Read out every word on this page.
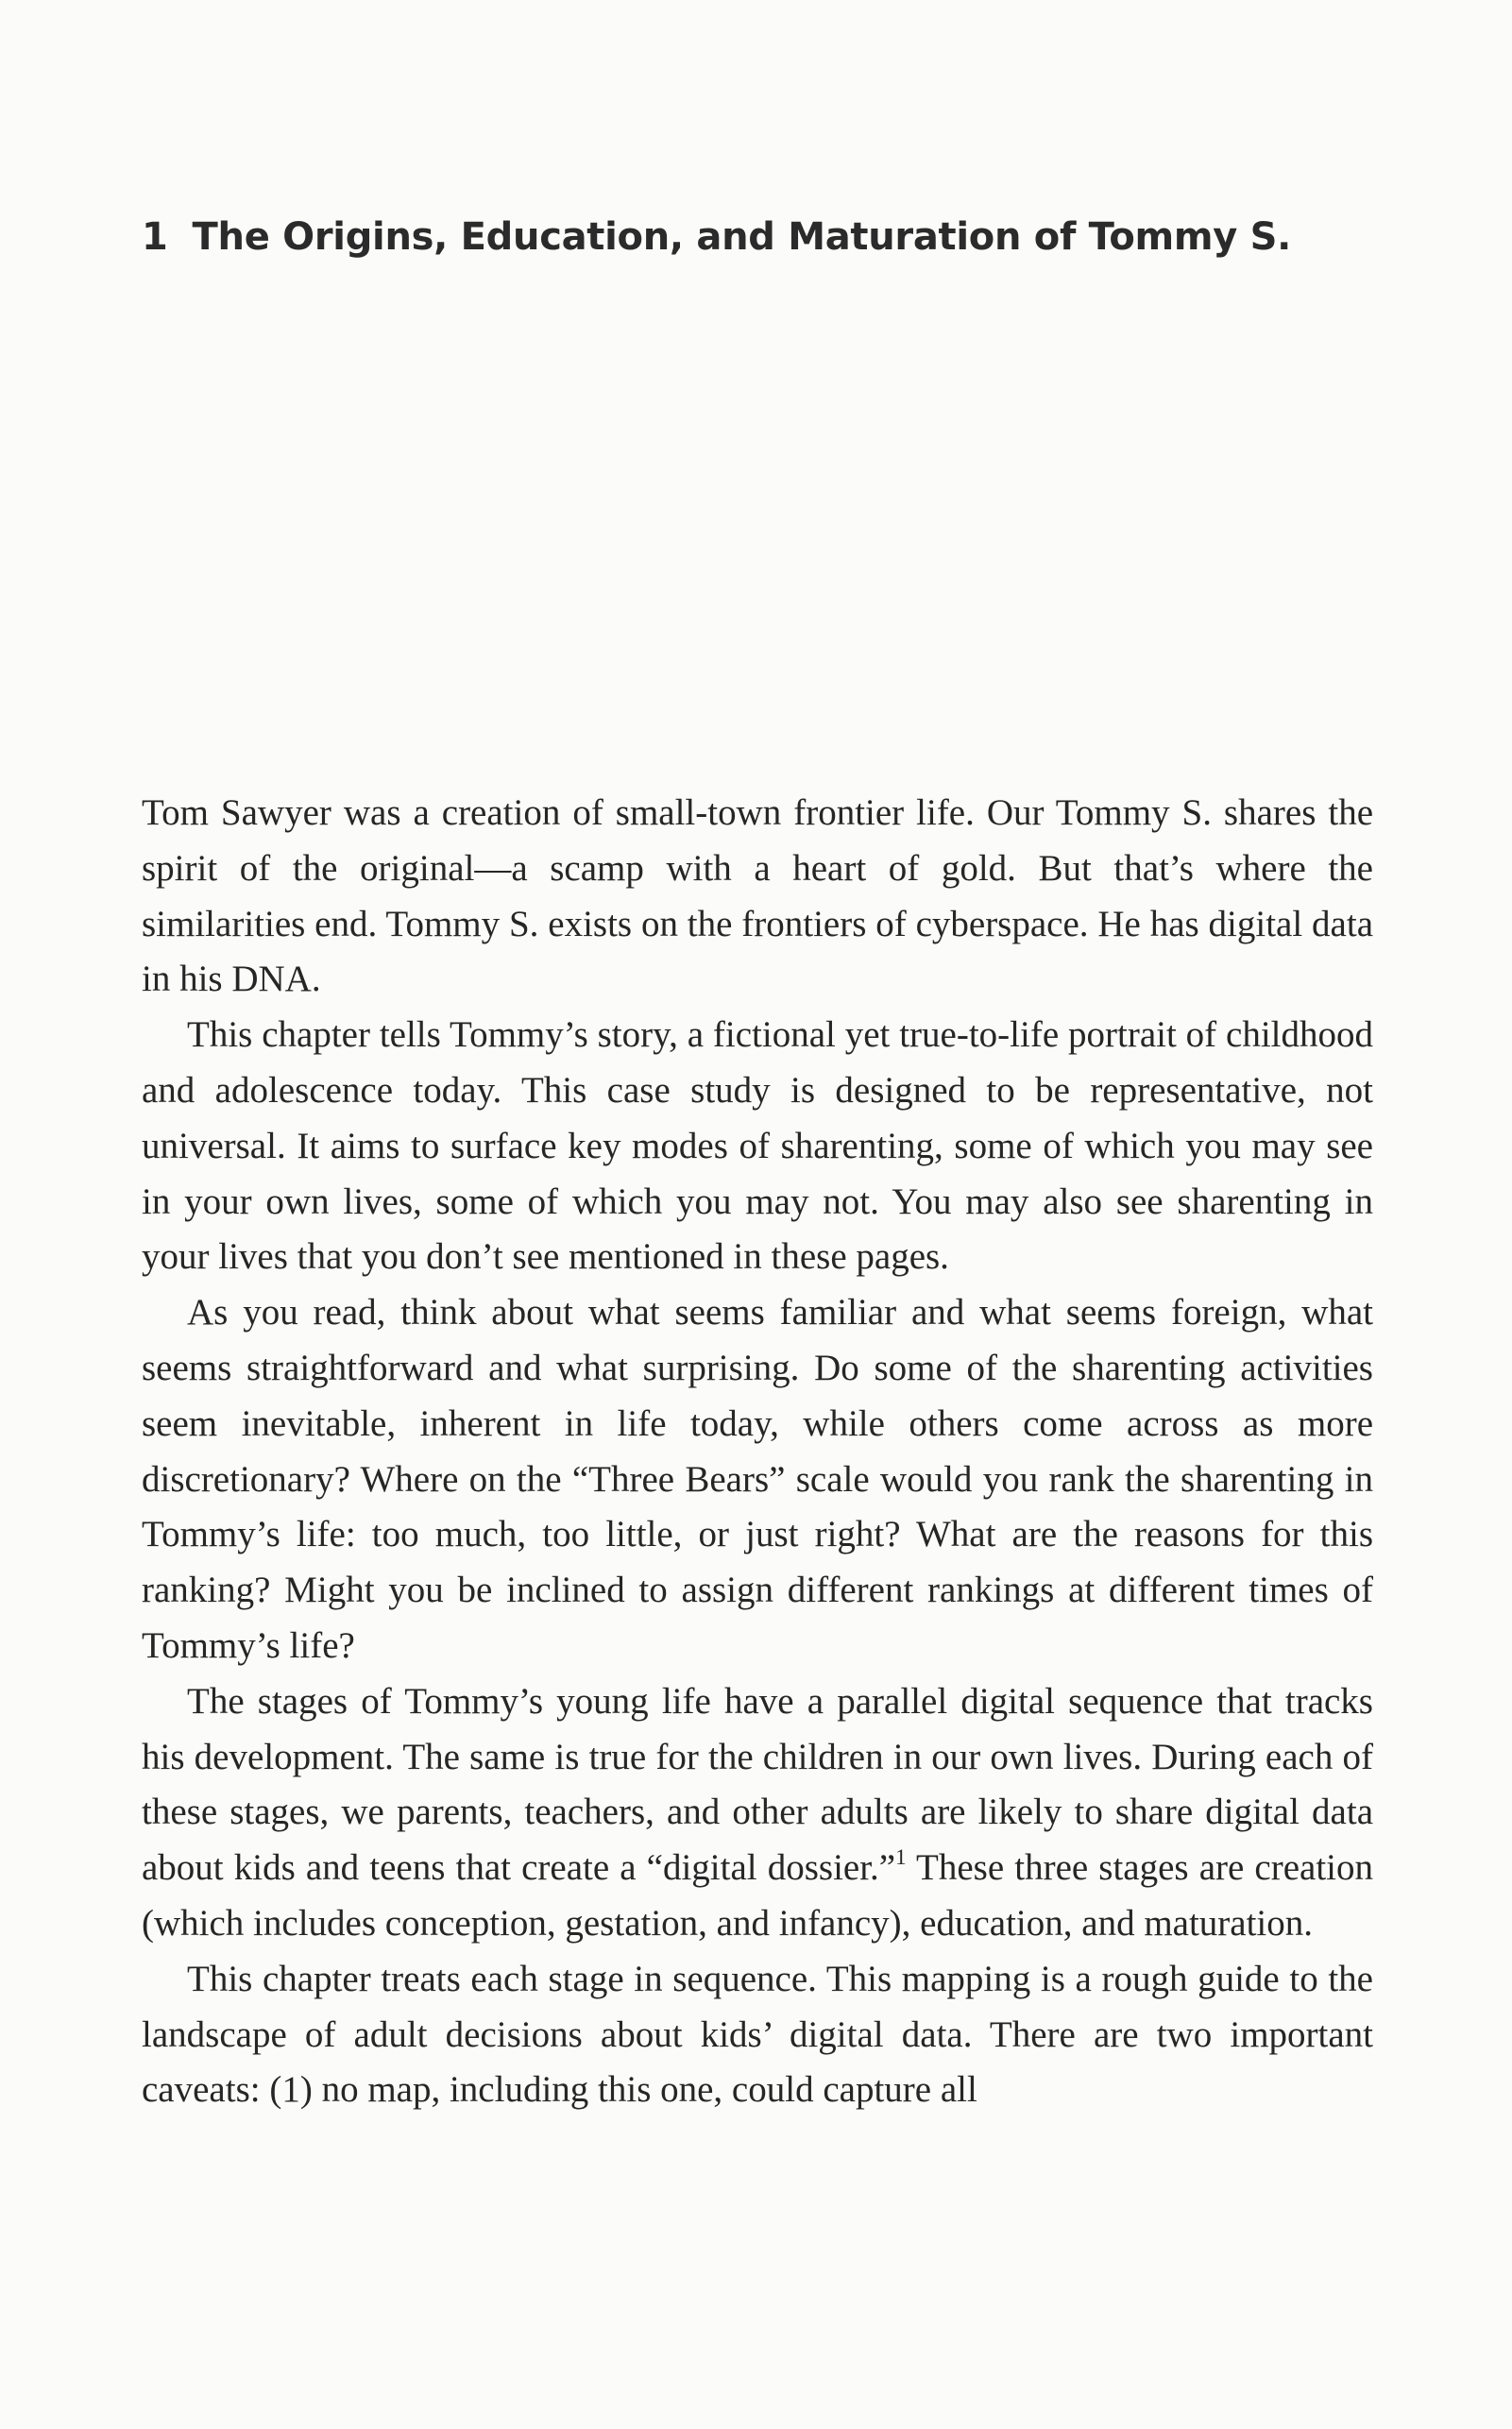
1 The Origins, Education, and Maturation of Tommy S.

Tom Sawyer was a creation of small-town frontier life. Our Tommy S. shares the spirit of the original—a scamp with a heart of gold. But that’s where the similarities end. Tommy S. exists on the frontiers of cyberspace. He has digital data in his DNA.

This chapter tells Tommy’s story, a fictional yet true-to-life portrait of childhood and adolescence today. This case study is designed to be representative, not universal. It aims to surface key modes of sharenting, some of which you may see in your own lives, some of which you may not. You may also see sharenting in your lives that you don’t see mentioned in these pages.

As you read, think about what seems familiar and what seems foreign, what seems straightforward and what surprising. Do some of the sharenting activities seem inevitable, inherent in life today, while others come across as more discretionary? Where on the “Three Bears” scale would you rank the sharenting in Tommy’s life: too much, too little, or just right? What are the reasons for this ranking? Might you be inclined to assign different rankings at different times of Tommy’s life?

The stages of Tommy’s young life have a parallel digital sequence that tracks his development. The same is true for the children in our own lives. During each of these stages, we parents, teachers, and other adults are likely to share digital data about kids and teens that create a “digital dossier.”$^1$ These three stages are creation (which includes conception, gestation, and infancy), education, and maturation.

This chapter treats each stage in sequence. This mapping is a rough guide to the landscape of adult decisions about kids’ digital data. There are two important caveats: (1) no map, including this one, could capture all
